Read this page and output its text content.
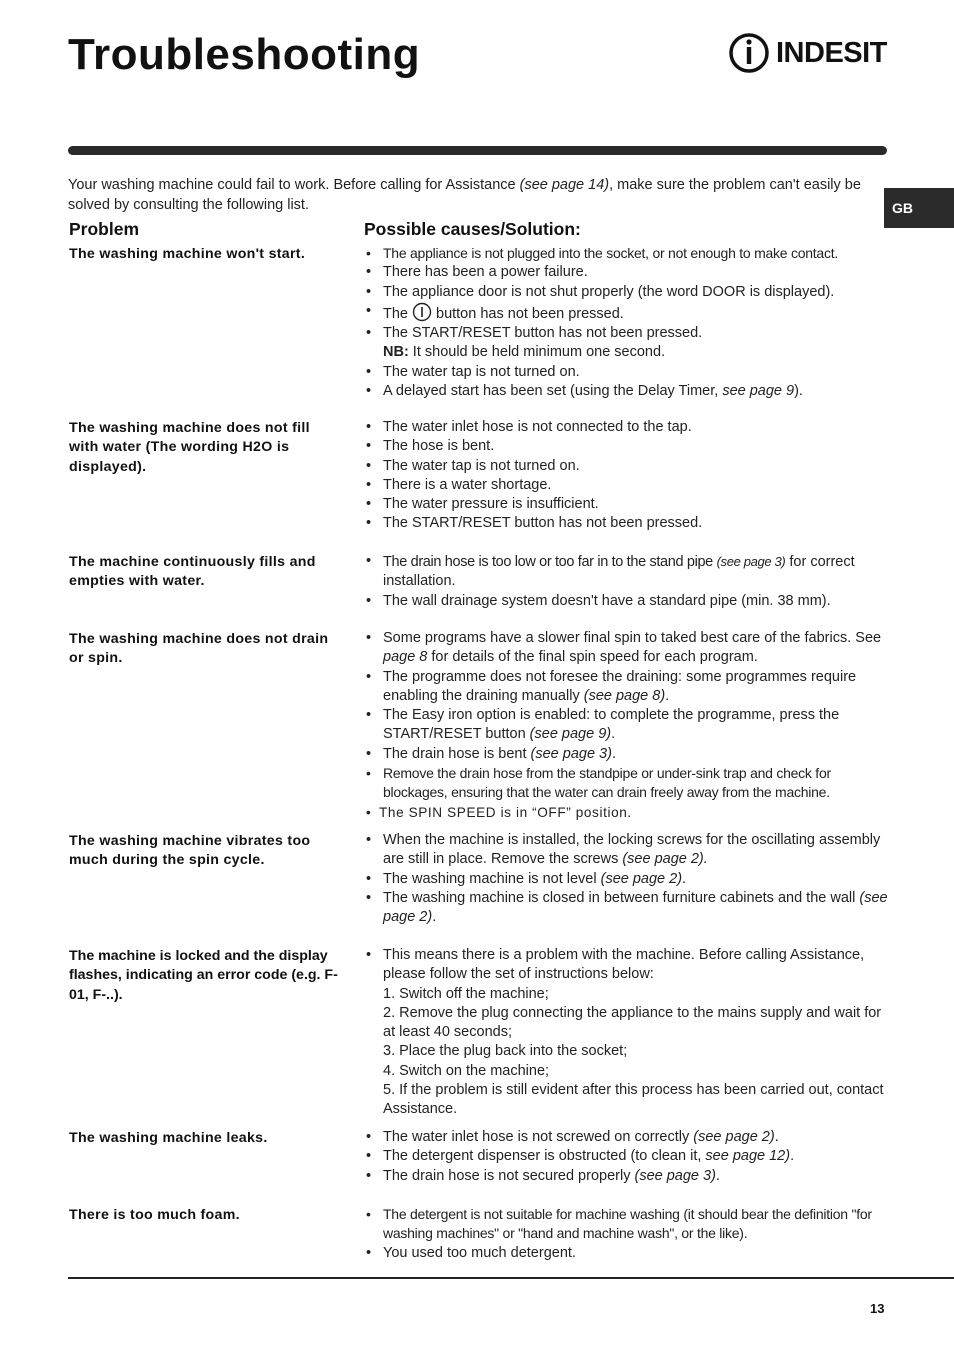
Troubleshooting	INDESIT

Your washing machine could fail to work. Before calling for Assistance (see page 14), make sure the problem can't easily be solved by consulting the following list.	GB
Problem	Possible causes/Solution:
The washing machine won't start.	• The appliance is not plugged into the socket, or not enough to make contact.
• There has been a power failure.
• The appliance door is not shut properly (the word DOOR is displayed).
• The button has not been pressed.
• The START/RESET button has not been pressed.
NB: It should be held minimum one second.
• The water tap is not turned on.
• A delayed start has been set (using the Delay Timer, see page 9).
The washing machine does not fill with water (The wording H2O is displayed).
• The water inlet hose is not connected to the tap.
• The hose is bent.
• The water tap is not turned on.
• There is a water shortage.
• The water pressure is insufficient.
• The START/RESET button has not been pressed.
The machine continuously fills and empties with water.
• The drain hose is too low or too far in to the stand pipe (see page 3) for correct installation.
• The wall drainage system doesn't have a standard pipe (min. 38 mm).
The washing machine does not drain or spin.
• Some programs have a slower final spin to taked best care of the fabrics. See page 8 for details of the final spin speed for each program.
• The programme does not foresee the draining: some programmes require enabling the draining manually (see page 8).
• The Easy iron option is enabled: to complete the programme, press the START/RESET button (see page 9).
• The drain hose is bent (see page 3).
• Remove the drain hose from the standpipe or under-sink trap and check for blockages, ensuring that the water can drain freely away from the machine.
• The SPIN SPEED is in “OFF” position.
The washing machine vibrates too much during the spin cycle.
• When the machine is installed, the locking screws for the oscillating assembly are still in place. Remove the screws (see page 2).
• The washing machine is not level (see page 2).
• The washing machine is closed in between furniture cabinets and the wall (see page 2).
The machine is locked and the display flashes, indicating an error code (e.g. F-01, F-..).
• This means there is a problem with the machine. Before calling Assistance, please follow the set of instructions below:
1. Switch off the machine;
2. Remove the plug connecting the appliance to the mains supply and wait for at least 40 seconds;
3. Place the plug back into the socket;
4. Switch on the machine;
5. If the problem is still evident after this process has been carried out, contact Assistance.
The washing machine leaks.	• The water inlet hose is not screwed on correctly (see page 2).
• The detergent dispenser is obstructed (to clean it, see page 12).
• The drain hose is not secured properly (see page 3).
There is too much foam.	• The detergent is not suitable for machine washing (it should bear the definition "for washing machines" or "hand and machine wash", or the like).
• You used too much detergent.
13
